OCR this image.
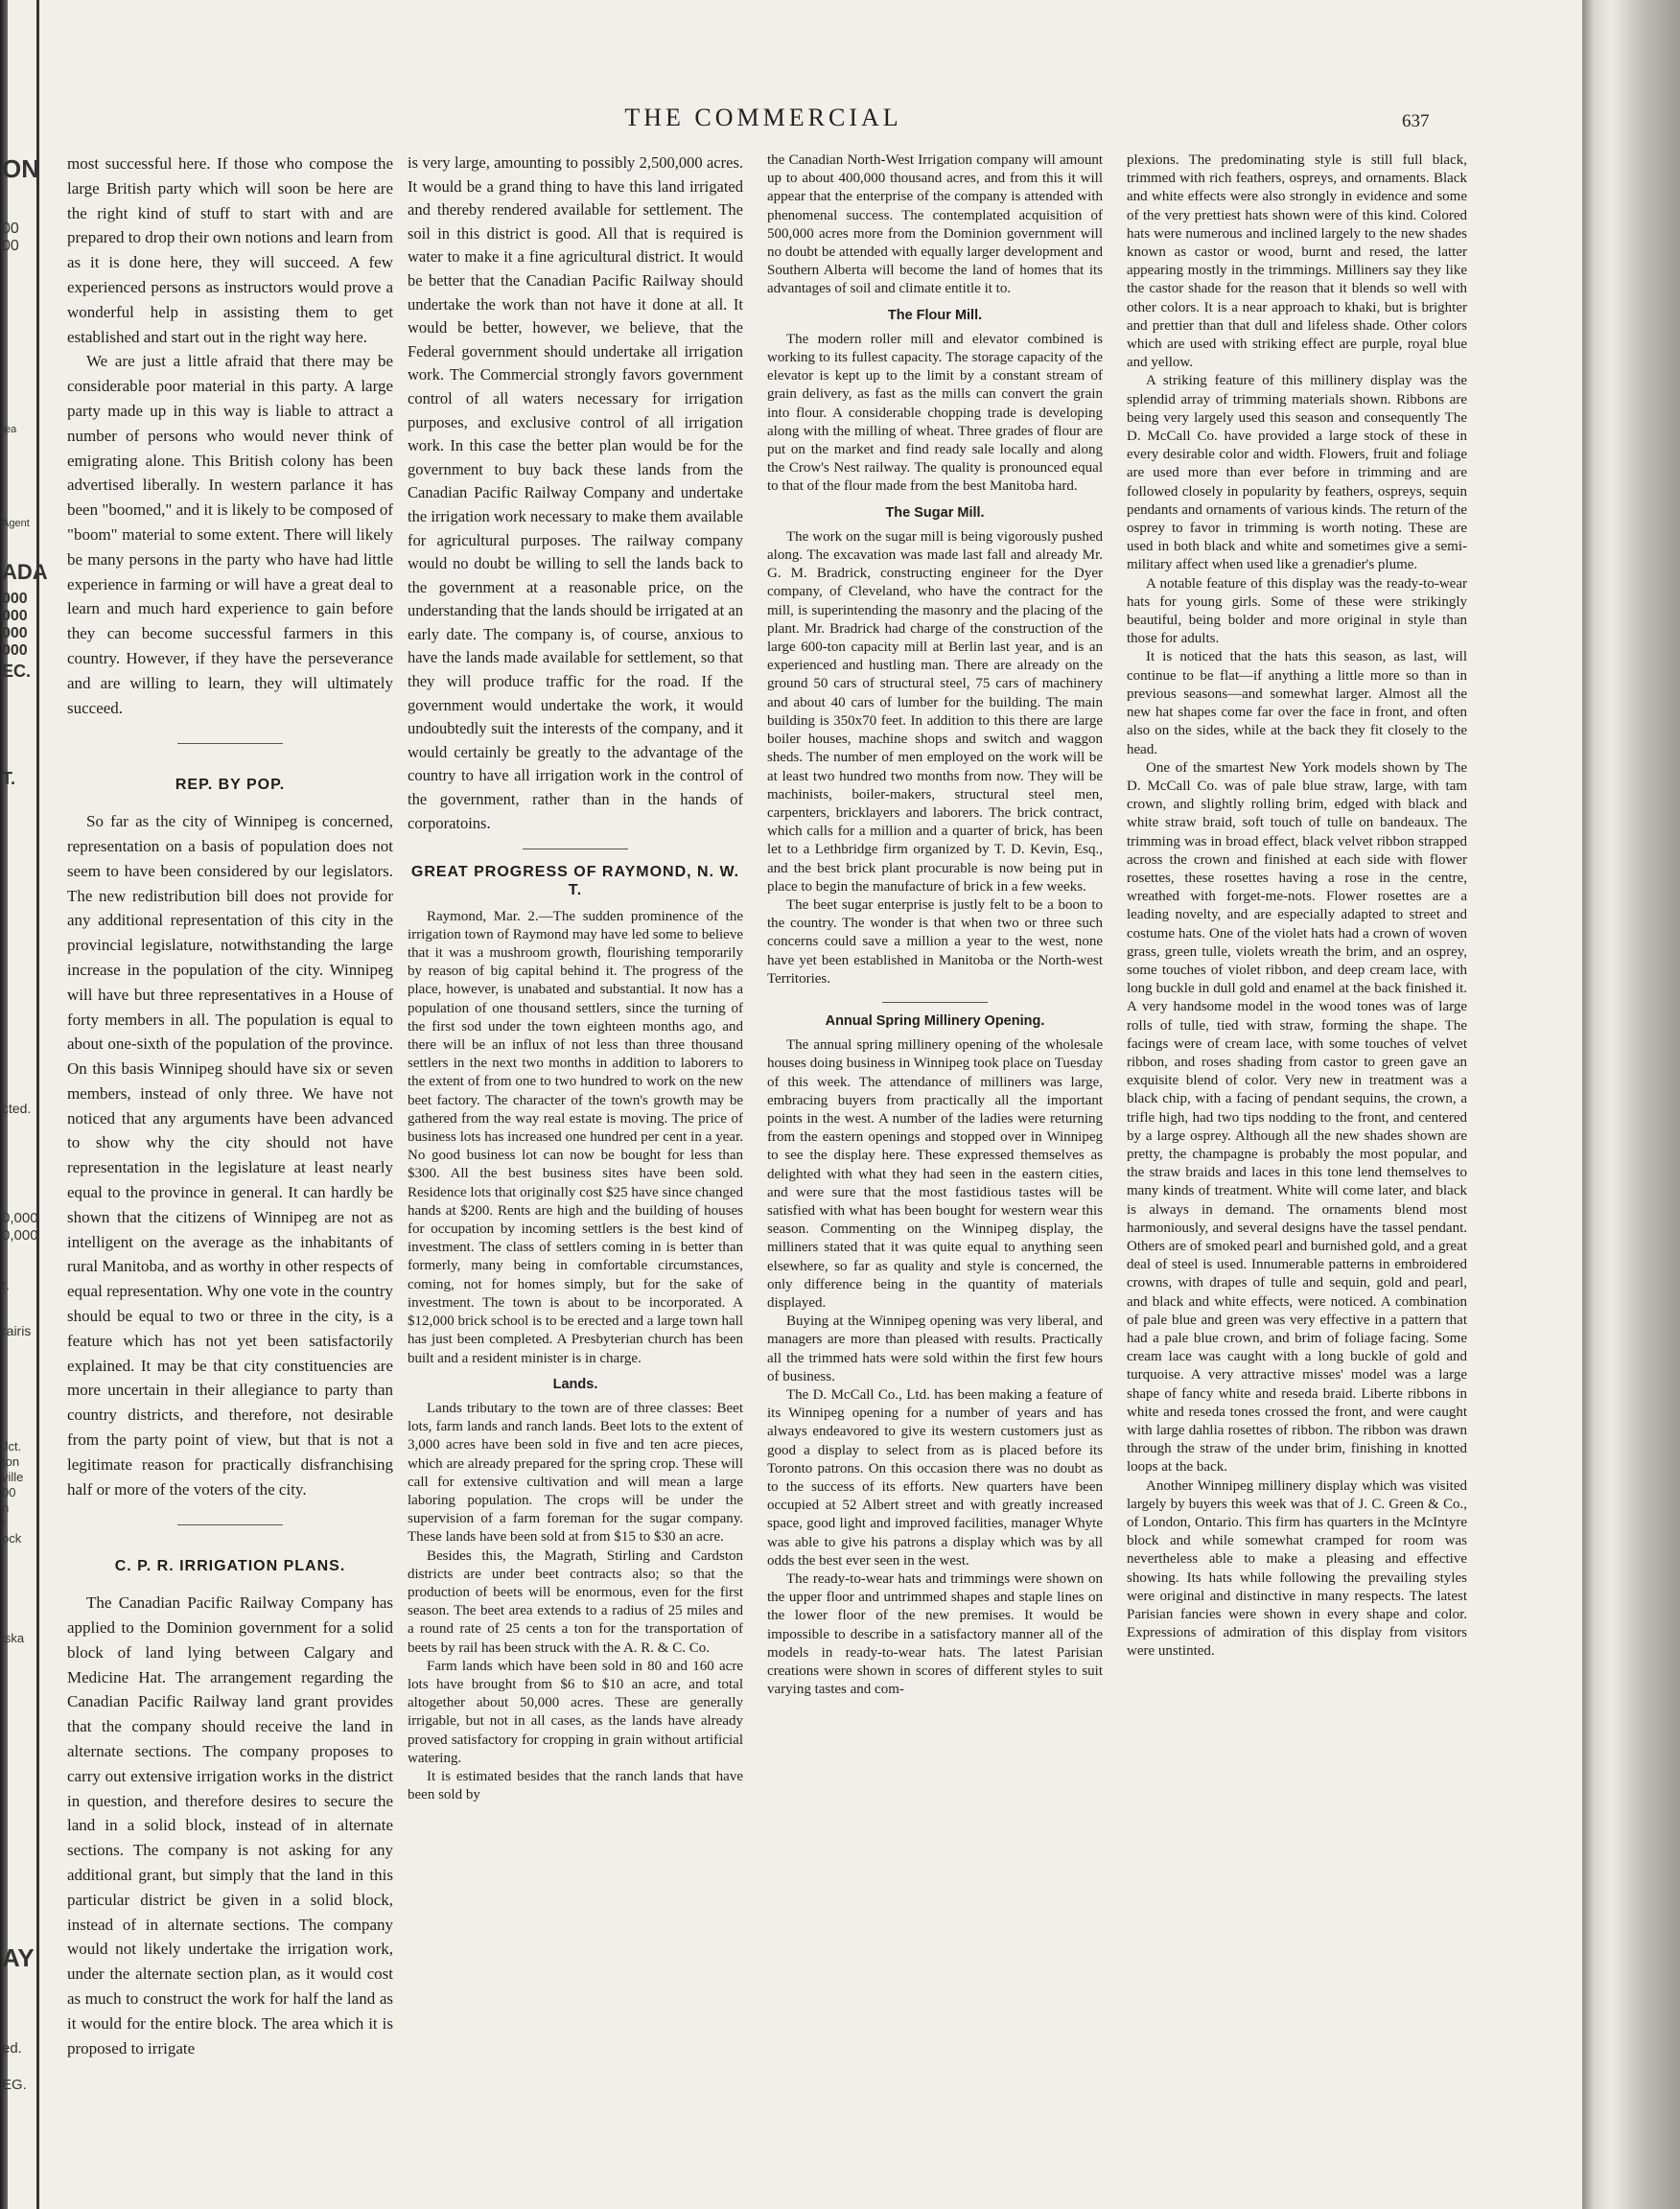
ON
00
00
tea
Agent
ADA
000
000
000
000
EC.
T.
cted.
0,000
0,000
r.
rairis
Jct.
ton
ville
00
n
r
ock
iska
AY
ed.
EG.
THE COMMERCIAL	637

most successful here. If those who compose the large British party which will soon be here are the right kind of stuff to start with and are prepared to drop their own notions and learn from as it is done here, they will succeed. A few experienced persons as instructors would prove a wonderful help in assisting them to get established and start out in the right way here.

We are just a little afraid that there may be considerable poor material in this party. A large party made up in this way is liable to attract a number of persons who would never think of emigrating alone. This British colony has been advertised liberally. In western parlance it has been "boomed," and it is likely to be composed of "boom" material to some extent. There will likely be many persons in the party who have had little experience in farming or will have a great deal to learn and much hard experience to gain before they can become successful farmers in this country. However, if they have the perseverance and are willing to learn, they will ultimately succeed.

REP. BY POP.

So far as the city of Winnipeg is concerned, representation on a basis of population does not seem to have been considered by our legislators. The new redistribution bill does not provide for any additional representation of this city in the provincial legislature, notwithstanding the large increase in the population of the city. Winnipeg will have but three representatives in a House of forty members in all. The population is equal to about one-sixth of the population of the province. On this basis Winnipeg should have six or seven members, instead of only three. We have not noticed that any arguments have been advanced to show why the city should not have representation in the legislature at least nearly equal to the province in general. It can hardly be shown that the citizens of Winnipeg are not as intelligent on the average as the inhabitants of rural Manitoba, and as worthy in other respects of equal representation. Why one vote in the country should be equal to two or three in the city, is a feature which has not yet been satisfactorily explained. It may be that city constituencies are more uncertain in their allegiance to party than country districts, and therefore, not desirable from the party point of view, but that is not a legitimate reason for practically disfranchising half or more of the voters of the city.

C. P. R. IRRIGATION PLANS.

The Canadian Pacific Railway Company has applied to the Dominion government for a solid block of land lying between Calgary and Medicine Hat. The arrangement regarding the Canadian Pacific Railway land grant provides that the company should receive the land in alternate sections. The company proposes to carry out extensive irrigation works in the district in question, and therefore desires to secure the land in a solid block, instead of in alternate sections. The company is not asking for any additional grant, but simply that the land in this particular district be given in a solid block, instead of in alternate sections. The company would not likely undertake the irrigation work, under the alternate section plan, as it would cost as much to construct the work for half the land as it would for the entire block. The area which it is proposed to irrigate

is very large, amounting to possibly 2,500,000 acres. It would be a grand thing to have this land irrigated and thereby rendered available for settlement. The soil in this district is good. All that is required is water to make it a fine agricultural district. It would be better that the Canadian Pacific Railway should undertake the work than not have it done at all. It would be better, however, we believe, that the Federal government should undertake all irrigation work. The Commercial strongly favors government control of all waters necessary for irrigation purposes, and exclusive control of all irrigation work. In this case the better plan would be for the government to buy back these lands from the Canadian Pacific Railway Company and undertake the irrigation work necessary to make them available for agricultural purposes. The railway company would no doubt be willing to sell the lands back to the government at a reasonable price, on the understanding that the lands should be irrigated at an early date. The company is, of course, anxious to have the lands made available for settlement, so that they will produce traffic for the road. If the government would undertake the work, it would undoubtedly suit the interests of the company, and it would certainly be greatly to the advantage of the country to have all irrigation work in the control of the government, rather than in the hands of corporatoins.

GREAT PROGRESS OF RAYMOND, N. W. T.

Raymond, Mar. 2.—The sudden prominence of the irrigation town of Raymond may have led some to believe that it was a mushroom growth, flourishing temporarily by reason of big capital behind it. The progress of the place, however, is unabated and substantial. It now has a population of one thousand settlers, since the turning of the first sod under the town eighteen months ago, and there will be an influx of not less than three thousand settlers in the next two months in addition to laborers to the extent of from one to two hundred to work on the new beet factory. The character of the town's growth may be gathered from the way real estate is moving. The price of business lots has increased one hundred per cent in a year. No good business lot can now be bought for less than $300. All the best business sites have been sold. Residence lots that originally cost $25 have since changed hands at $200. Rents are high and the building of houses for occupation by incoming settlers is the best kind of investment. The class of settlers coming in is better than formerly, many being in comfortable circumstances, coming, not for homes simply, but for the sake of investment. The town is about to be incorporated. A $12,000 brick school is to be erected and a large town hall has just been completed. A Presbyterian church has been built and a resident minister is in charge.

Lands.

Lands tributary to the town are of three classes: Beet lots, farm lands and ranch lands. Beet lots to the extent of 3,000 acres have been sold in five and ten acre pieces, which are already prepared for the spring crop. These will call for extensive cultivation and will mean a large laboring population. The crops will be under the supervision of a farm foreman for the sugar company. These lands have been sold at from $15 to $30 an acre.

Besides this, the Magrath, Stirling and Cardston districts are under beet contracts also; so that the production of beets will be enormous, even for the first season. The beet area extends to a radius of 25 miles and a round rate of 25 cents a ton for the transportation of beets by rail has been struck with the A. R. & C. Co.

Farm lands which have been sold in 80 and 160 acre lots have brought from $6 to $10 an acre, and total altogether about 50,000 acres. These are generally irrigable, but not in all cases, as the lands have already proved satisfactory for cropping in grain without artificial watering.

It is estimated besides that the ranch lands that have been sold by

the Canadian North-West Irrigation company will amount up to about 400,000 thousand acres, and from this it will appear that the enterprise of the company is attended with phenomenal success. The contemplated acquisition of 500,000 acres more from the Dominion government will no doubt be attended with equally larger development and Southern Alberta will become the land of homes that its advantages of soil and climate entitle it to.

The Flour Mill.

The modern roller mill and elevator combined is working to its fullest capacity. The storage capacity of the elevator is kept up to the limit by a constant stream of grain delivery, as fast as the mills can convert the grain into flour. A considerable chopping trade is developing along with the milling of wheat. Three grades of flour are put on the market and find ready sale locally and along the Crow's Nest railway. The quality is pronounced equal to that of the flour made from the best Manitoba hard.

The Sugar Mill.

The work on the sugar mill is being vigorously pushed along. The excavation was made last fall and already Mr. G. M. Bradrick, constructing engineer for the Dyer company, of Cleveland, who have the contract for the mill, is superintending the masonry and the placing of the plant. Mr. Bradrick had charge of the construction of the large 600-ton capacity mill at Berlin last year, and is an experienced and hustling man. There are already on the ground 50 cars of structural steel, 75 cars of machinery and about 40 cars of lumber for the building. The main building is 350x70 feet. In addition to this there are large boiler houses, machine shops and switch and waggon sheds. The number of men employed on the work will be at least two hundred two months from now. They will be machinists, boiler-makers, structural steel men, carpenters, bricklayers and laborers. The brick contract, which calls for a million and a quarter of brick, has been let to a Lethbridge firm organized by T. D. Kevin, Esq., and the best brick plant procurable is now being put in place to begin the manufacture of brick in a few weeks.

The beet sugar enterprise is justly felt to be a boon to the country. The wonder is that when two or three such concerns could save a million a year to the west, none have yet been established in Manitoba or the North-west Territories.

Annual Spring Millinery Opening.

The annual spring millinery opening of the wholesale houses doing business in Winnipeg took place on Tuesday of this week. The attendance of milliners was large, embracing buyers from practically all the important points in the west. A number of the ladies were returning from the eastern openings and stopped over in Winnipeg to see the display here. These expressed themselves as delighted with what they had seen in the eastern cities, and were sure that the most fastidious tastes will be satisfied with what has been bought for western wear this season. Commenting on the Winnipeg display, the milliners stated that it was quite equal to anything seen elsewhere, so far as quality and style is concerned, the only difference being in the quantity of materials displayed.

Buying at the Winnipeg opening was very liberal, and managers are more than pleased with results. Practically all the trimmed hats were sold within the first few hours of business.

The D. McCall Co., Ltd. has been making a feature of its Winnipeg opening for a number of years and has always endeavored to give its western customers just as good a display to select from as is placed before its Toronto patrons. On this occasion there was no doubt as to the success of its efforts. New quarters have been occupied at 52 Albert street and with greatly increased space, good light and improved facilities, manager Whyte was able to give his patrons a display which was by all odds the best ever seen in the west.

The ready-to-wear hats and trimmings were shown on the upper floor and untrimmed shapes and staple lines on the lower floor of the new premises. It would be impossible to describe in a satisfactory manner all of the models in ready-to-wear hats. The latest Parisian creations were shown in scores of different styles to suit varying tastes and com-

plexions. The predominating style is still full black, trimmed with rich feathers, ospreys, and ornaments. Black and white effects were also strongly in evidence and some of the very prettiest hats shown were of this kind. Colored hats were numerous and inclined largely to the new shades known as castor or wood, burnt and resed, the latter appearing mostly in the trimmings. Milliners say they like the castor shade for the reason that it blends so well with other colors. It is a near approach to khaki, but is brighter and prettier than that dull and lifeless shade. Other colors which are used with striking effect are purple, royal blue and yellow.

A striking feature of this millinery display was the splendid array of trimming materials shown. Ribbons are being very largely used this season and consequently The D. McCall Co. have provided a large stock of these in every desirable color and width. Flowers, fruit and foliage are used more than ever before in trimming and are followed closely in popularity by feathers, ospreys, sequin pendants and ornaments of various kinds. The return of the osprey to favor in trimming is worth noting. These are used in both black and white and sometimes give a semi-military affect when used like a grenadier's plume.

A notable feature of this display was the ready-to-wear hats for young girls. Some of these were strikingly beautiful, being bolder and more original in style than those for adults.

It is noticed that the hats this season, as last, will continue to be flat—if anything a little more so than in previous seasons—and somewhat larger. Almost all the new hat shapes come far over the face in front, and often also on the sides, while at the back they fit closely to the head.

One of the smartest New York models shown by The D. McCall Co. was of pale blue straw, large, with tam crown, and slightly rolling brim, edged with black and white straw braid, soft touch of tulle on bandeaux. The trimming was in broad effect, black velvet ribbon strapped across the crown and finished at each side with flower rosettes, these rosettes having a rose in the centre, wreathed with forget-me-nots. Flower rosettes are a leading novelty, and are especially adapted to street and costume hats. One of the violet hats had a crown of woven grass, green tulle, violets wreath the brim, and an osprey, some touches of violet ribbon, and deep cream lace, with long buckle in dull gold and enamel at the back finished it. A very handsome model in the wood tones was of large rolls of tulle, tied with straw, forming the shape. The facings were of cream lace, with some touches of velvet ribbon, and roses shading from castor to green gave an exquisite blend of color. Very new in treatment was a black chip, with a facing of pendant sequins, the crown, a trifle high, had two tips nodding to the front, and centered by a large osprey. Although all the new shades shown are pretty, the champagne is probably the most popular, and the straw braids and laces in this tone lend themselves to many kinds of treatment. White will come later, and black is always in demand. The ornaments blend most harmoniously, and several designs have the tassel pendant. Others are of smoked pearl and burnished gold, and a great deal of steel is used. Innumerable patterns in embroidered crowns, with drapes of tulle and sequin, gold and pearl, and black and white effects, were noticed. A combination of pale blue and green was very effective in a pattern that had a pale blue crown, and brim of foliage facing. Some cream lace was caught with a long buckle of gold and turquoise. A very attractive misses' model was a large shape of fancy white and reseda braid. Liberte ribbons in white and reseda tones crossed the front, and were caught with large dahlia rosettes of ribbon. The ribbon was drawn through the straw of the under brim, finishing in knotted loops at the back.

Another Winnipeg millinery display which was visited largely by buyers this week was that of J. C. Green & Co., of London, Ontario. This firm has quarters in the McIntyre block and while somewhat cramped for room was nevertheless able to make a pleasing and effective showing. Its hats while following the prevailing styles were original and distinctive in many respects. The latest Parisian fancies were shown in every shape and color. Expressions of admiration of this display from visitors were unstinted.
